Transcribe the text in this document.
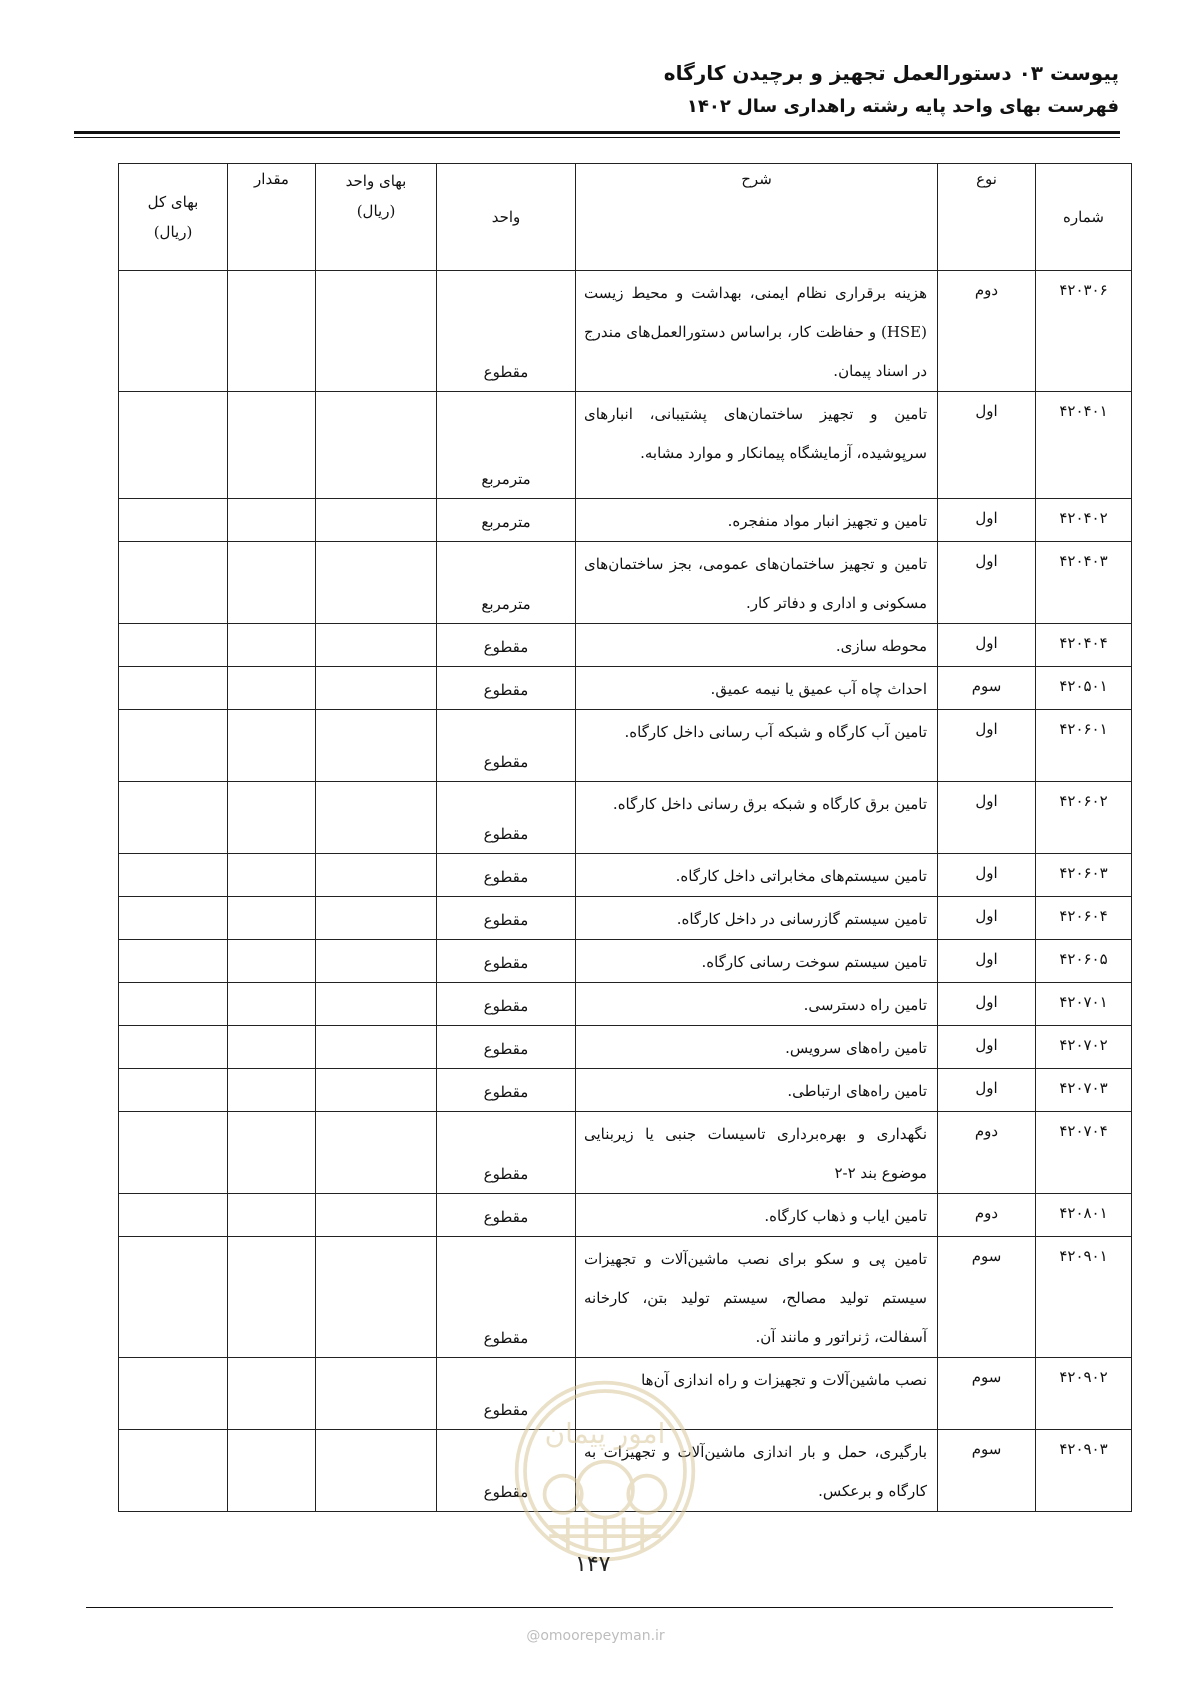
پیوست ۰۳ دستورالعمل تجهیز و برچیدن کارگاه
فهرست بهای واحد پایه رشته راهداری سال ۱۴۰۲
شماره	نوع	شرح	واحد	بهای واحد (ریال)	مقدار	بهای کل (ریال)
۴۲۰۳۰۶	دوم	هزینه برقراری نظام ایمنی، بهداشت و محیط زیست (HSE) و حفاظت کار، براساس دستورالعمل‌های مندرج در اسناد پیمان.	مقطوع			

۴۲۰۴۰۱	اول	تامین و تجهیز ساختمان‌های پشتیبانی، انبارهای سرپوشیده، آزمایشگاه پیمانکار و موارد مشابه.	مترمربع			

۴۲۰۴۰۲	اول	تامین و تجهیز انبار مواد منفجره.	مترمربع			

۴۲۰۴۰۳	اول	تامین و تجهیز ساختمان‌های عمومی، بجز ساختمان‌های مسکونی و اداری و دفاتر کار.	مترمربع			

۴۲۰۴۰۴	اول	محوطه سازی.	مقطوع			

۴۲۰۵۰۱	سوم	احداث چاه آب عمیق یا نیمه عمیق.	مقطوع			

۴۲۰۶۰۱	اول	تامین آب کارگاه و شبکه آب رسانی داخل کارگاه.	مقطوع			

۴۲۰۶۰۲	اول	تامین برق کارگاه و شبکه برق رسانی داخل کارگاه.	مقطوع			

۴۲۰۶۰۳	اول	تامین سیستم‌های مخابراتی داخل کارگاه.	مقطوع			

۴۲۰۶۰۴	اول	تامین سیستم گازرسانی در داخل کارگاه.	مقطوع			

۴۲۰۶۰۵	اول	تامین سیستم سوخت رسانی کارگاه.	مقطوع			

۴۲۰۷۰۱	اول	تامین راه دسترسی.	مقطوع			

۴۲۰۷۰۲	اول	تامین راه‌های سرویس.	مقطوع			

۴۲۰۷۰۳	اول	تامین راه‌های ارتباطی.	مقطوع			

۴۲۰۷۰۴	دوم	نگهداری و بهره‌برداری تاسیسات جنبی یا زیربنایی موضوع بند ۲-۲	مقطوع			

۴۲۰۸۰۱	دوم	تامین ایاب و ذهاب کارگاه.	مقطوع			

۴۲۰۹۰۱	سوم	تامین پی و سکو برای نصب ماشین‌آلات و تجهیزات سیستم تولید مصالح، سیستم تولید بتن، کارخانه آسفالت، ژنراتور و مانند آن.	مقطوع			

۴۲۰۹۰۲	سوم	نصب ماشین‌آلات و تجهیزات و راه اندازی آن‌ها	مقطوع			

۴۲۰۹۰۳	سوم	بارگیری، حمل و بار اندازی ماشین‌آلات و تجهیزات به کارگاه و برعکس.	مقطوع			

امور پیمان
۱۴۷
@omoorepeyman.ir
